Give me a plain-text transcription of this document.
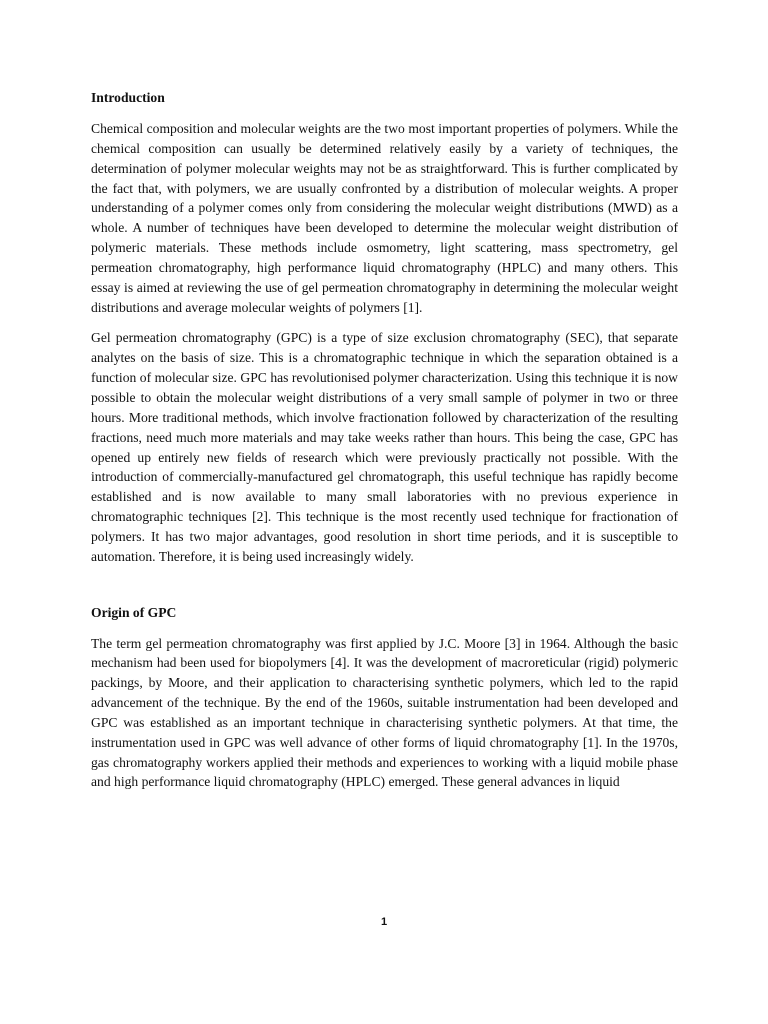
Introduction

Chemical composition and molecular weights are the two most important properties of polymers. While the chemical composition can usually be determined relatively easily by a variety of techniques, the determination of polymer molecular weights may not be as straightforward. This is further complicated by the fact that, with polymers, we are usually confronted by a distribution of molecular weights. A proper understanding of a polymer comes only from considering the molecular weight distributions (MWD) as a whole. A number of techniques have been developed to determine the molecular weight distribution of polymeric materials. These methods include osmometry, light scattering, mass spectrometry, gel permeation chromatography, high performance liquid chromatography (HPLC) and many others. This essay is aimed at reviewing the use of gel permeation chromatography in determining the molecular weight distributions and average molecular weights of polymers [1].

Gel permeation chromatography (GPC) is a type of size exclusion chromatography (SEC), that separate analytes on the basis of size. This is a chromatographic technique in which the separation obtained is a function of molecular size. GPC has revolutionised polymer characterization. Using this technique it is now possible to obtain the molecular weight distributions of a very small sample of polymer in two or three hours. More traditional methods, which involve fractionation followed by characterization of the resulting fractions, need much more materials and may take weeks rather than hours. This being the case, GPC has opened up entirely new fields of research which were previously practically not possible. With the introduction of commercially-manufactured gel chromatograph, this useful technique has rapidly become established and is now available to many small laboratories with no previous experience in chromatographic techniques [2]. This technique is the most recently used technique for fractionation of polymers. It has two major advantages, good resolution in short time periods, and it is susceptible to automation. Therefore, it is being used increasingly widely.

Origin of GPC

The term gel permeation chromatography was first applied by J.C. Moore [3] in 1964. Although the basic mechanism had been used for biopolymers [4]. It was the development of macroreticular (rigid) polymeric packings, by Moore, and their application to characterising synthetic polymers, which led to the rapid advancement of the technique. By the end of the 1960s, suitable instrumentation had been developed and GPC was established as an important technique in characterising synthetic polymers. At that time, the instrumentation used in GPC was well advance of other forms of liquid chromatography [1]. In the 1970s, gas chromatography workers applied their methods and experiences to working with a liquid mobile phase and high performance liquid chromatography (HPLC) emerged. These general advances in liquid

1
